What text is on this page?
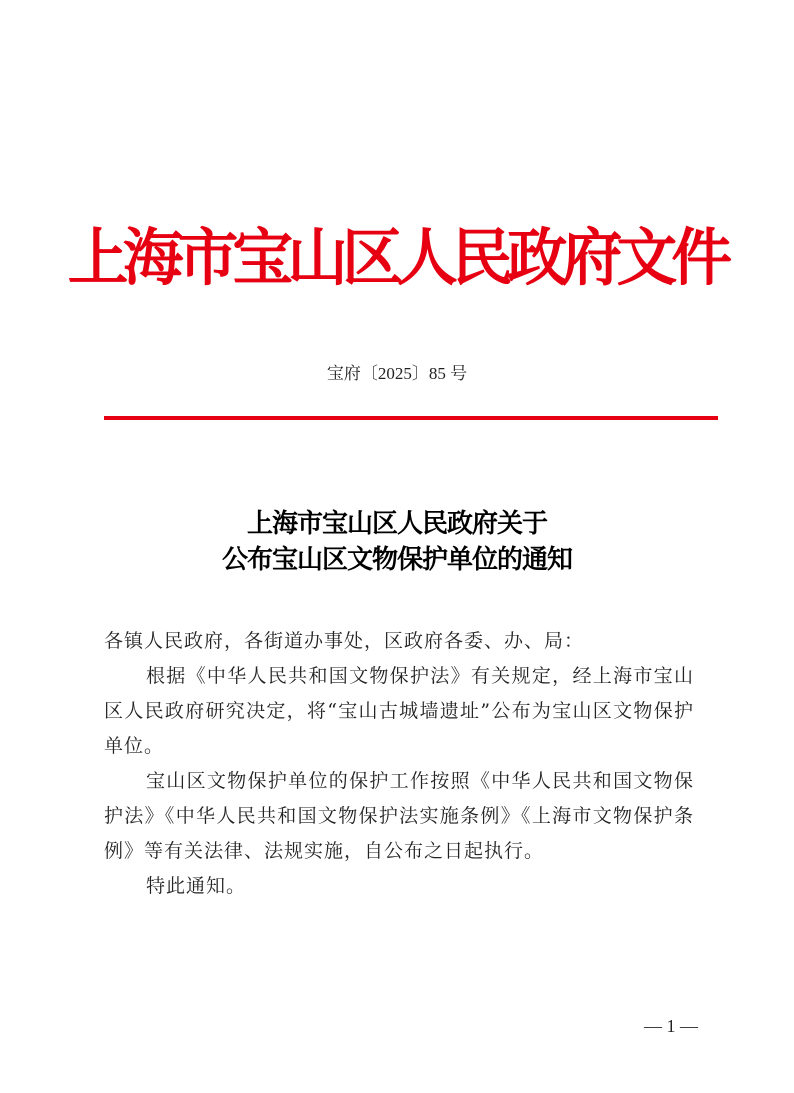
上海市宝山区人民政府文件
宝府〔2025〕85 号
上海市宝山区人民政府关于
公布宝山区文物保护单位的通知

各镇人民政府，各街道办事处，区政府各委、办、局：

根据《中华人民共和国文物保护法》有关规定，经上海市宝山区人民政府研究决定，将“宝山古城墙遗址”公布为宝山区文物保护单位。

宝山区文物保护单位的保护工作按照《中华人民共和国文物保护法》《中华人民共和国文物保护法实施条例》《上海市文物保护条例》等有关法律、法规实施，自公布之日起执行。

特此通知。

— 1 —
